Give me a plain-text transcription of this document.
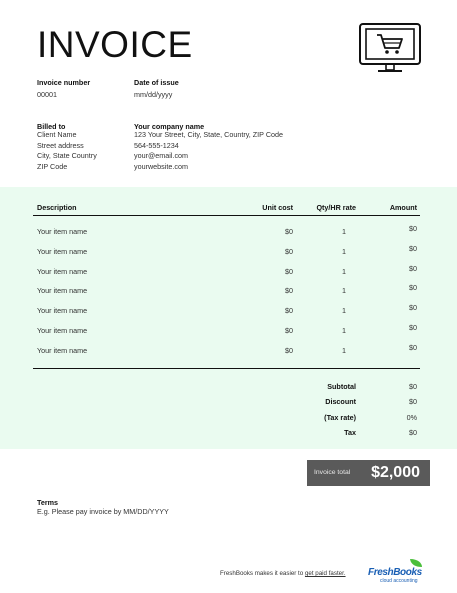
INVOICE
Invoice number
00001
Date of issue
mm/dd/yyyy
Billed to
Client Name
Street address
City, State Country
ZIP Code
Your company name
123 Your Street, City, State, Country, ZIP Code
564-555-1234
your@email.com
yourwebsite.com
Description	Unit cost	Qty/HR rate	Amount
Your item name	$0	1	$0
Your item name	$0	1	$0
Your item name	$0	1	$0
Your item name	$0	1	$0
Your item name	$0	1	$0
Your item name	$0	1	$0
Your item name	$0	1	$0
Subtotal	$0
Discount	$0
(Tax rate)	0%
Tax	$0
Invoice total $2,000
Terms
E.g. Please pay invoice by MM/DD/YYYY
FreshBooks makes it easier to get paid faster. FreshBooks
cloud accounting
